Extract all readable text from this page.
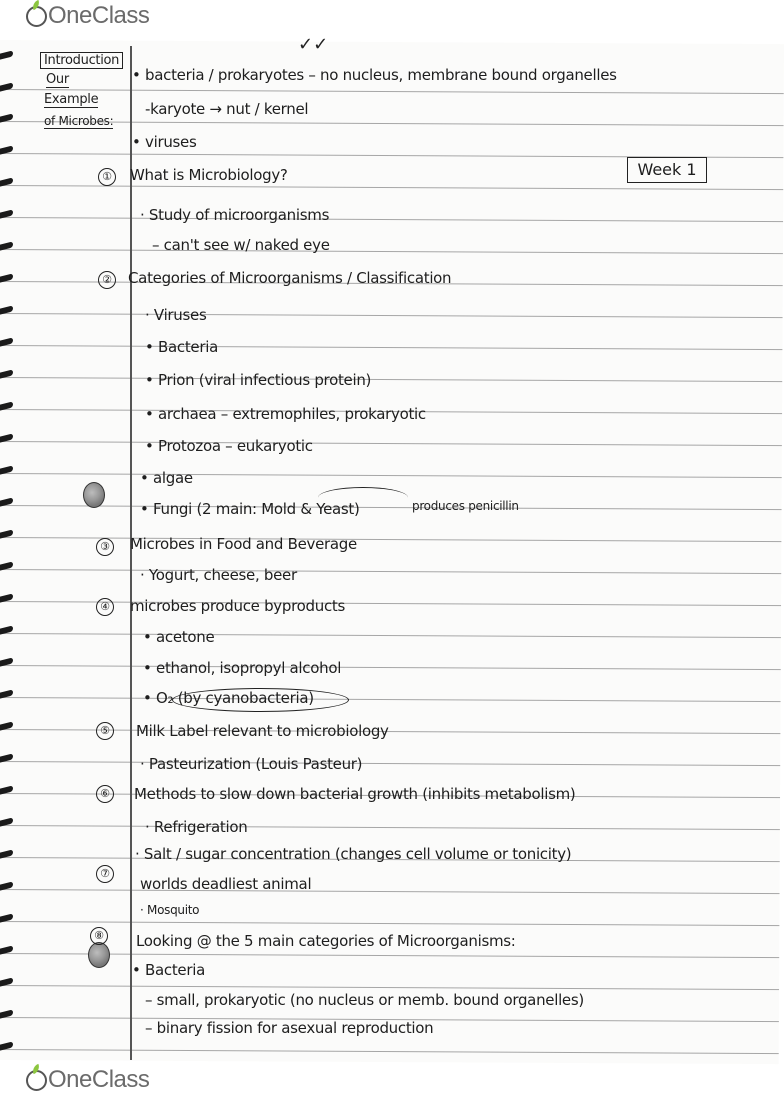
OneClass
✓✓
Introduction
Our
Example
of Microbes:
Week 1
• bacteria / prokaryotes – no nucleus, membrane bound organelles
-karyote → nut / kernel
• viruses
① What is Microbiology?
· Study of microorganisms
– can't see w/ naked eye
② Categories of Microorganisms / Classification
· Viruses
• Bacteria
• Prion (viral infectious protein)
• archaea – extremophiles, prokaryotic
• Protozoa – eukaryotic
• algae
• Fungi (2 main: Mold & Yeast)	produces penicillin
③ Microbes in Food and Beverage
· Yogurt, cheese, beer
④ microbes produce byproducts
• acetone
• ethanol, isopropyl alcohol
• O₂ (by cyanobacteria)
⑤ Milk Label relevant to microbiology
· Pasteurization (Louis Pasteur)
⑥ Methods to slow down bacterial growth (inhibits metabolism)
· Refrigeration
· Salt / sugar concentration (changes cell volume or tonicity)
⑦
worlds deadliest animal
· Mosquito
⑧ Looking @ the 5 main categories of Microorganisms:
• Bacteria
– small, prokaryotic (no nucleus or memb. bound organelles)
– binary fission for asexual reproduction
OneClass
